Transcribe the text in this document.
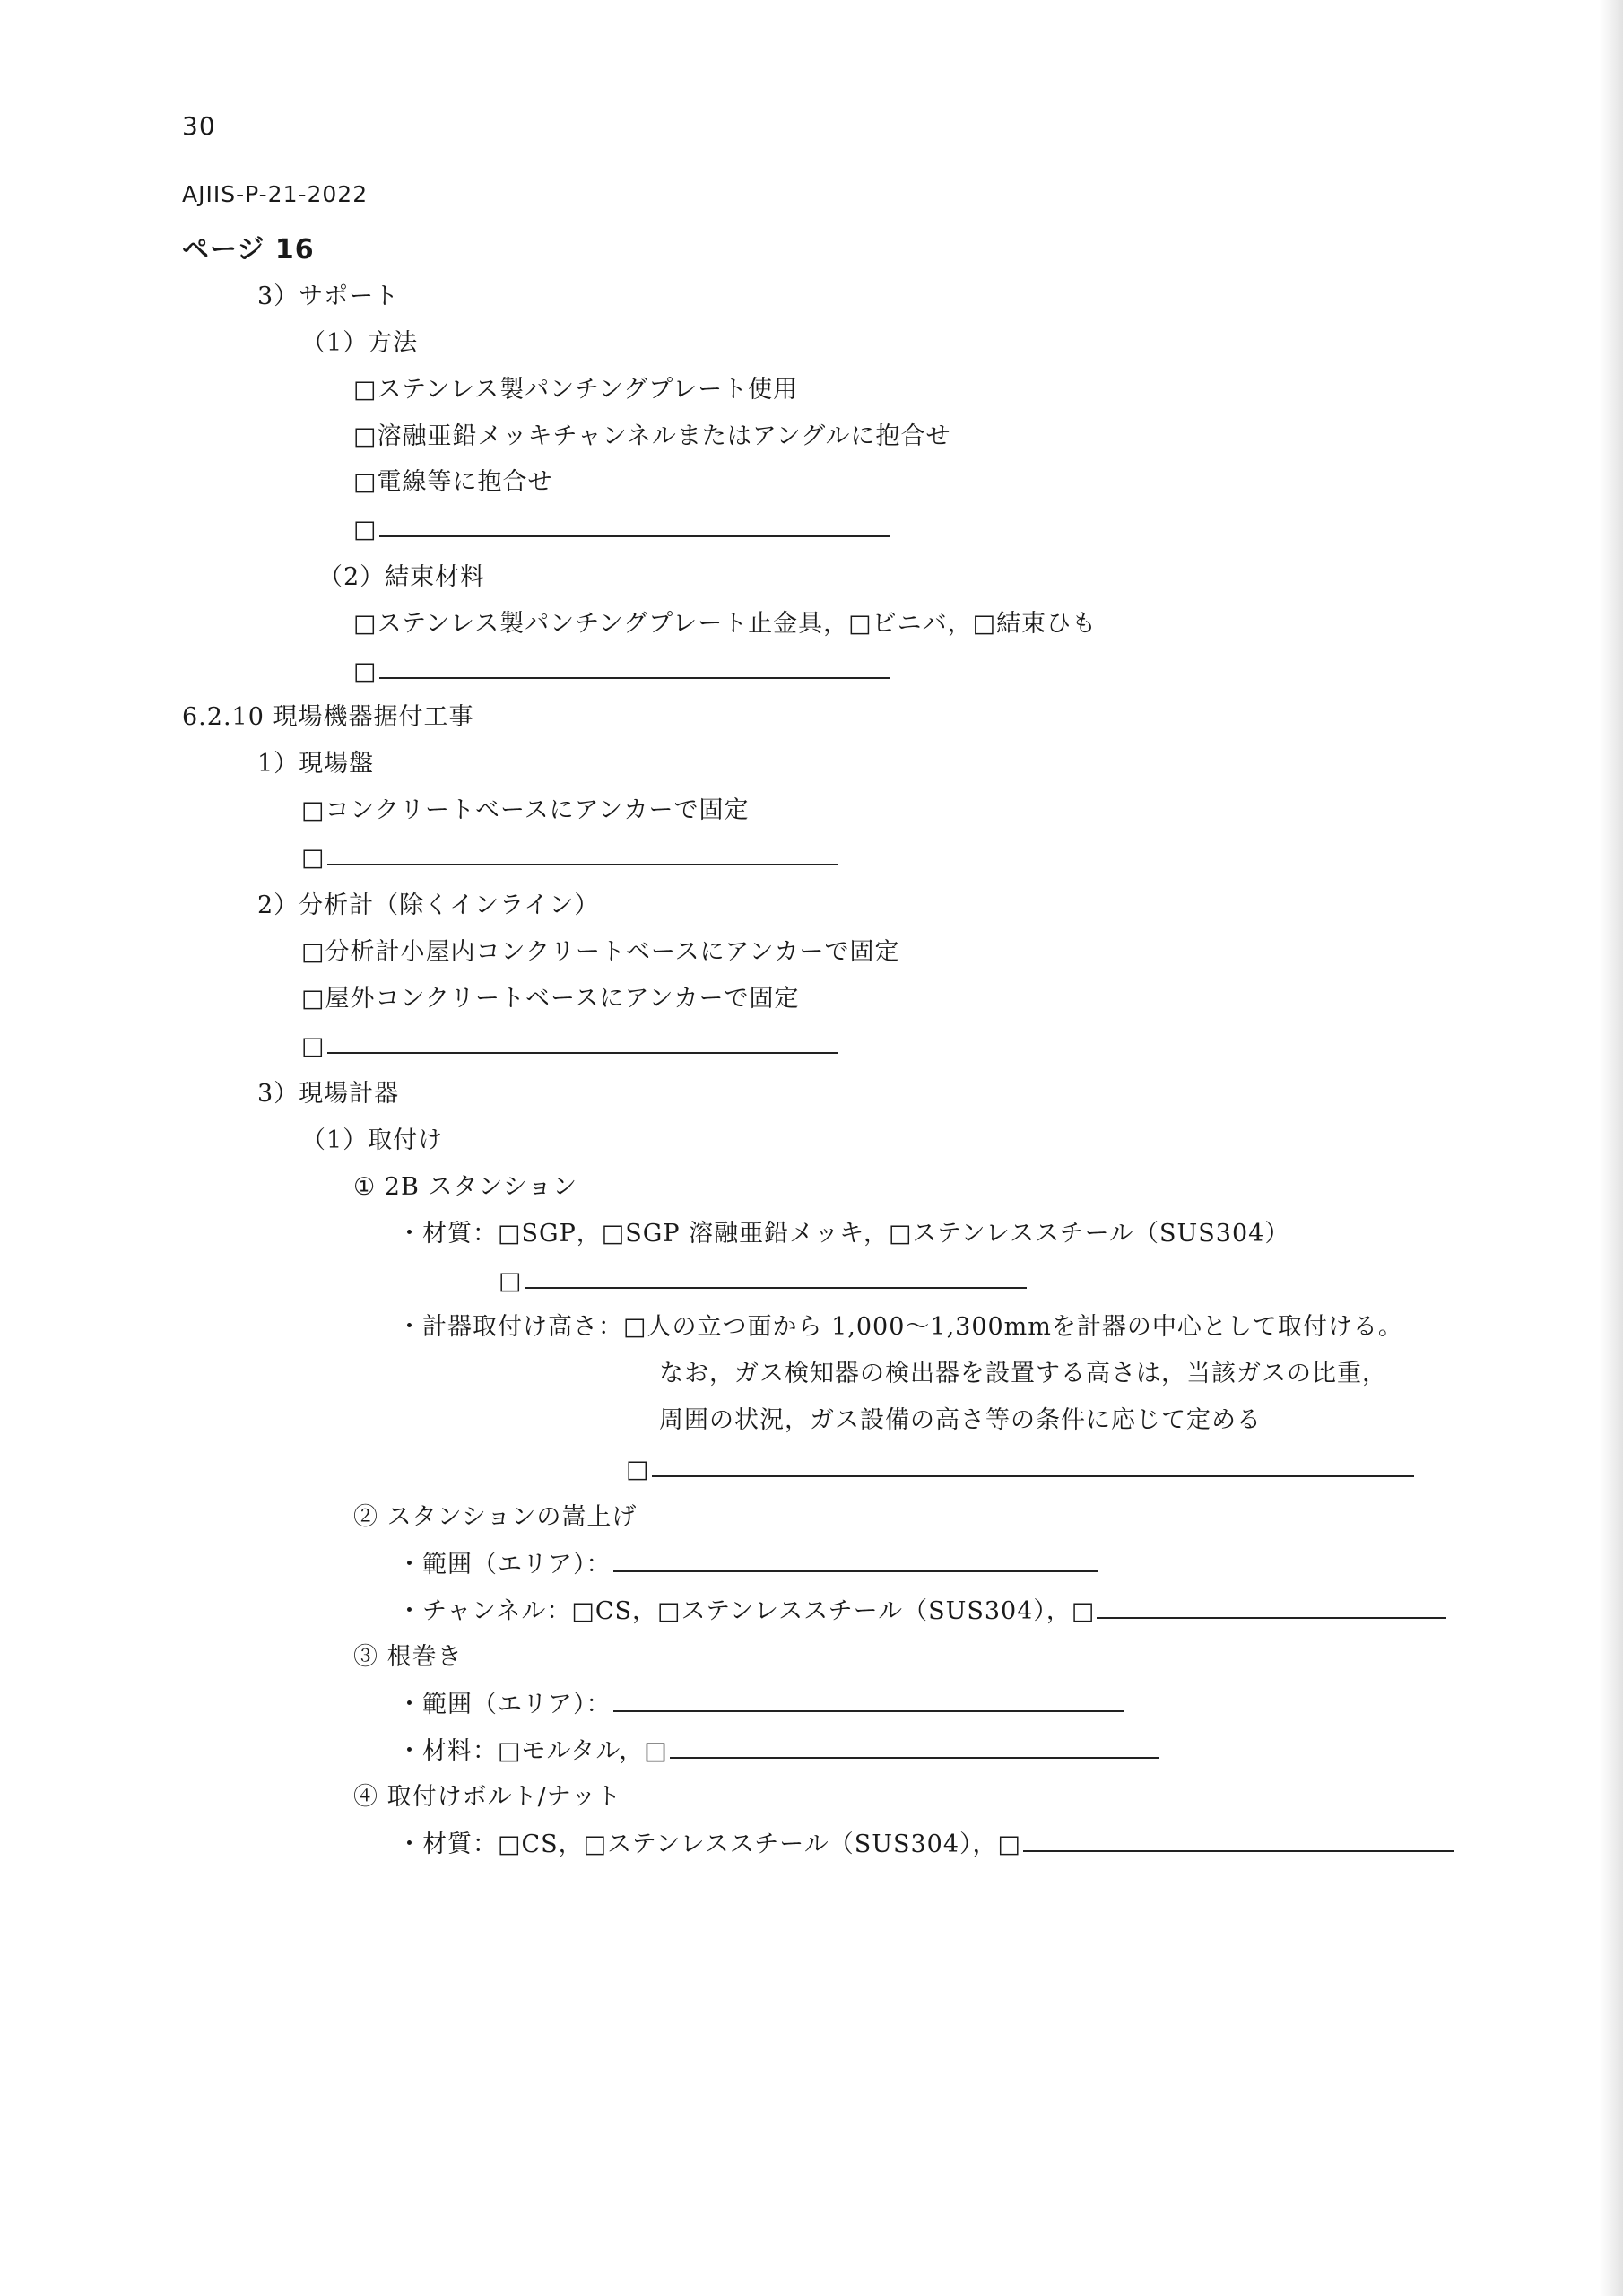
30
AJIIS-P-21-2022
ページ 16
3）サポート
（1）方法
□ステンレス製パンチングプレート使用
□溶融亜鉛メッキチャンネルまたはアングルに抱合せ
□電線等に抱合せ
□
（2）結束材料
□ステンレス製パンチングプレート止金具，□ビニバ，□結束ひも
□
6.2.10 現場機器据付工事
1）現場盤
□コンクリートベースにアンカーで固定
□
2）分析計（除くインライン）
□分析計小屋内コンクリートベースにアンカーで固定
□屋外コンクリートベースにアンカーで固定
□
3）現場計器
（1）取付け
① 2B スタンション
・材質：□SGP，□SGP 溶融亜鉛メッキ，□ステンレススチール（SUS304）
□
・計器取付け高さ：□人の立つ面から 1,000～1,300mmを計器の中心として取付ける。
なお，ガス検知器の検出器を設置する高さは，当該ガスの比重，
周囲の状況，ガス設備の高さ等の条件に応じて定める
□
② スタンションの嵩上げ
・範囲（エリア）：
・チャンネル：□CS，□ステンレススチール（SUS304），□
③ 根巻き
・範囲（エリア）：
・材料：□モルタル，□
④ 取付けボルト/ナット
・材質：□CS，□ステンレススチール（SUS304），□
